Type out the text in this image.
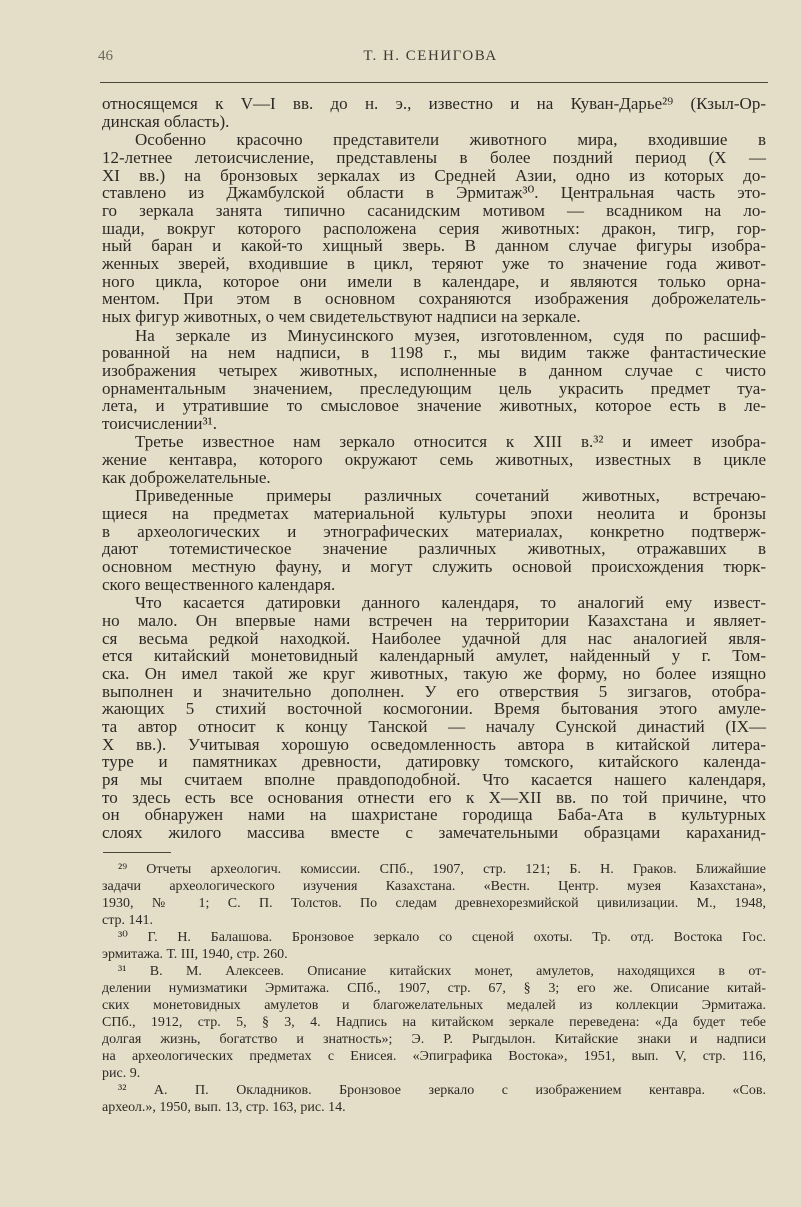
46	Т. Н. СЕНИГОВА
относящемся к V—I вв. до н. э., известно и на Куван-Дарье²⁹ (Кзыл-Ор-
динская область).
Особенно красочно представители животного мира, входившие в
12-летнее летоисчисление, представлены в более поздний период (X —
XI вв.) на бронзовых зеркалах из Средней Азии, одно из которых до-
ставлено из Джамбулской области в Эрмитаж³⁰. Центральная часть это-
го зеркала занята типично сасанидским мотивом — всадником на ло-
шади, вокруг которого расположена серия животных: дракон, тигр, гор-
ный баран и какой-то хищный зверь. В данном случае фигуры изобра-
женных зверей, входившие в цикл, теряют уже то значение года живот-
ного цикла, которое они имели в календаре, и являются только орна-
ментом. При этом в основном сохраняются изображения доброжелатель-
ных фигур животных, о чем свидетельствуют надписи на зеркале.
На зеркале из Минусинского музея, изготовленном, судя по расшиф-
рованной на нем надписи, в 1198 г., мы видим также фантастические
изображения четырех животных, исполненные в данном случае с чисто
орнаментальным значением, преследующим цель украсить предмет туа-
лета, и утратившие то смысловое значение животных, которое есть в ле-
тоисчислении³¹.
Третье известное нам зеркало относится к XIII в.³² и имеет изобра-
жение кентавра, которого окружают семь животных, известных в цикле
как доброжелательные.
Приведенные примеры различных сочетаний животных, встречаю-
щиеся на предметах материальной культуры эпохи неолита и бронзы
в археологических и этнографических материалах, конкретно подтверж-
дают тотемистическое значение различных животных, отражавших в
основном местную фауну, и могут служить основой происхождения тюрк-
ского вещественного календаря.
Что касается датировки данного календаря, то аналогий ему извест-
но мало. Он впервые нами встречен на территории Казахстана и являет-
ся весьма редкой находкой. Наиболее удачной для нас аналогией явля-
ется китайский монетовидный календарный амулет, найденный у г. Том-
ска. Он имел такой же круг животных, такую же форму, но более изящно
выполнен и значительно дополнен. У его отверствия 5 зигзагов, отобра-
жающих 5 стихий восточной космогонии. Время бытования этого амуле-
та автор относит к концу Танской — началу Сунской династий (IX—
X вв.). Учитывая хорошую осведомленность автора в китайской литера-
туре и памятниках древности, датировку томского, китайского календа-
ря мы считаем вполне правдоподобной. Что касается нашего календаря,
то здесь есть все основания отнести его к X—XII вв. по той причине, что
он обнаружен нами на шахристане городища Баба-Ата в культурных
слоях жилого массива вместе с замечательными образцами караханид-
²⁹ Отчеты археологич. комиссии. СПб., 1907, стр. 121; Б. Н. Граков. Ближайшие
задачи археологического изучения Казахстана. «Вестн. Центр. музея Казахстана»,
1930, № 1; С. П. Толстов. По следам древнехорезмийской цивилизации. М., 1948,
стр. 141.
³⁰ Г. Н. Балашова. Бронзовое зеркало со сценой охоты. Тр. отд. Востока Гос.
эрмитажа. Т. III, 1940, стр. 260.
³¹ В. М. Алексеев. Описание китайских монет, амулетов, находящихся в от-
делении нумизматики Эрмитажа. СПб., 1907, стр. 67, § 3; его же. Описание китай-
ских монетовидных амулетов и благожелательных медалей из коллекции Эрмитажа.
СПб., 1912, стр. 5, § 3, 4. Надпись на китайском зеркале переведена: «Да будет тебе
долгая жизнь, богатство и знатность»; Э. Р. Рыгдылон. Китайские знаки и надписи
на археологических предметах с Енисея. «Эпиграфика Востока», 1951, вып. V, стр. 116,
рис. 9.
³² А. П. Окладников. Бронзовое зеркало с изображением кентавра. «Сов.
археол.», 1950, вып. 13, стр. 163, рис. 14.
